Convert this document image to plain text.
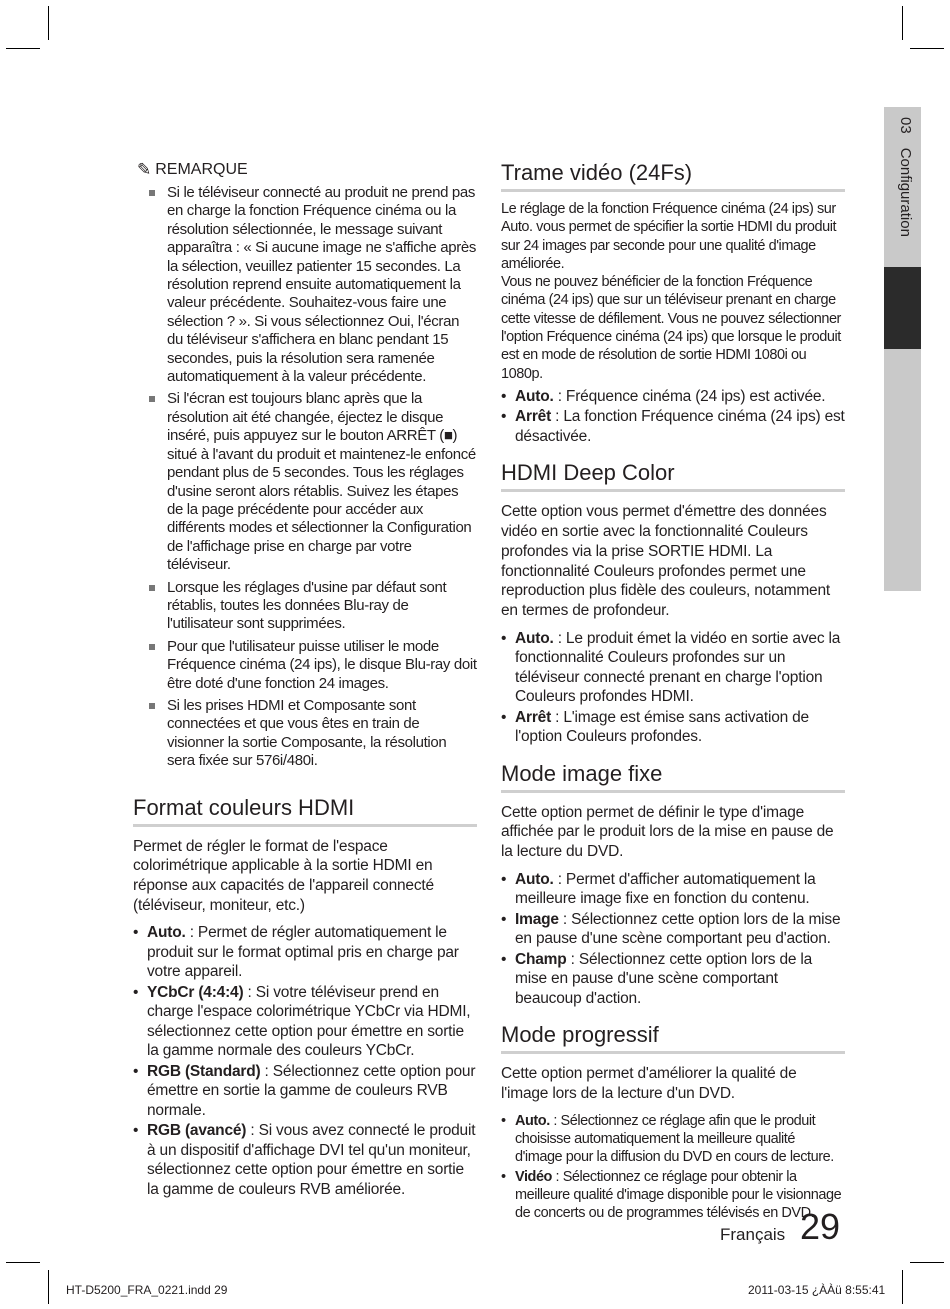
03Configuration
✎ REMARQUE
Si le téléviseur connecté au produit ne prend pas en charge la fonction Fréquence cinéma ou la résolution sélectionnée, le message suivant apparaîtra : « Si aucune image ne s'affiche après la sélection, veuillez patienter 15 secondes. La résolution reprend ensuite automatiquement la valeur précédente. Souhaitez-vous faire une sélection ? ». Si vous sélectionnez Oui, l'écran du téléviseur s'affichera en blanc pendant 15 secondes, puis la résolution sera ramenée automatiquement à la valeur précédente.
Si l'écran est toujours blanc après que la résolution ait été changée, éjectez le disque inséré, puis appuyez sur le bouton ARRÊT (■) situé à l'avant du produit et maintenez-le enfoncé pendant plus de 5 secondes. Tous les réglages d'usine seront alors rétablis. Suivez les étapes de la page précédente pour accéder aux différents modes et sélectionner la Configuration de l'affichage prise en charge par votre téléviseur.
Lorsque les réglages d'usine par défaut sont rétablis, toutes les données Blu-ray de l'utilisateur sont supprimées.
Pour que l'utilisateur puisse utiliser le mode Fréquence cinéma (24 ips), le disque Blu-ray doit être doté d'une fonction 24 images.
Si les prises HDMI et Composante sont connectées et que vous êtes en train de visionner la sortie Composante, la résolution sera fixée sur 576i/480i.
Format couleurs HDMI

Permet de régler le format de l'espace colorimétrique applicable à la sortie HDMI en réponse aux capacités de l'appareil connecté (téléviseur, moniteur, etc.)

• Auto. : Permet de régler automatiquement le produit sur le format optimal pris en charge par votre appareil.
• YCbCr (4:4:4) : Si votre téléviseur prend en charge l'espace colorimétrique YCbCr via HDMI, sélectionnez cette option pour émettre en sortie la gamme normale des couleurs YCbCr.
• RGB (Standard) : Sélectionnez cette option pour émettre en sortie la gamme de couleurs RVB normale.
• RGB (avancé) : Si vous avez connecté le produit à un dispositif d'affichage DVI tel qu'un moniteur, sélectionnez cette option pour émettre en sortie la gamme de couleurs RVB améliorée.
Trame vidéo (24Fs)

Le réglage de la fonction Fréquence cinéma (24 ips) sur Auto. vous permet de spécifier la sortie HDMI du produit sur 24 images par seconde pour une qualité d'image améliorée.
Vous ne pouvez bénéficier de la fonction Fréquence cinéma (24 ips) que sur un téléviseur prenant en charge cette vitesse de défilement. Vous ne pouvez sélectionner l'option Fréquence cinéma (24 ips) que lorsque le produit est en mode de résolution de sortie HDMI 1080i ou 1080p.

• Auto. : Fréquence cinéma (24 ips) est activée.
• Arrêt : La fonction Fréquence cinéma (24 ips) est désactivée.
HDMI Deep Color

Cette option vous permet d'émettre des données vidéo en sortie avec la fonctionnalité Couleurs profondes via la prise SORTIE HDMI. La fonctionnalité Couleurs profondes permet une reproduction plus fidèle des couleurs, notamment en termes de profondeur.

• Auto. : Le produit émet la vidéo en sortie avec la fonctionnalité Couleurs profondes sur un téléviseur connecté prenant en charge l'option Couleurs profondes HDMI.
• Arrêt : L'image est émise sans activation de l'option Couleurs profondes.
Mode image fixe

Cette option permet de définir le type d'image affichée par le produit lors de la mise en pause de la lecture du DVD.

• Auto. : Permet d'afficher automatiquement la meilleure image fixe en fonction du contenu.
• Image : Sélectionnez cette option lors de la mise en pause d'une scène comportant peu d'action.
• Champ : Sélectionnez cette option lors de la mise en pause d'une scène comportant beaucoup d'action.
Mode progressif

Cette option permet d'améliorer la qualité de l'image lors de la lecture d'un DVD.

• Auto. : Sélectionnez ce réglage afin que le produit choisisse automatiquement la meilleure qualité d'image pour la diffusion du DVD en cours de lecture.
• Vidéo : Sélectionnez ce réglage pour obtenir la meilleure qualité d'image disponible pour le visionnage de concerts ou de programmes télévisés en DVD.
Français 29
HT-D5200_FRA_0221.indd 29	2011-03-15 ¿ÀÀü 8:55:41
